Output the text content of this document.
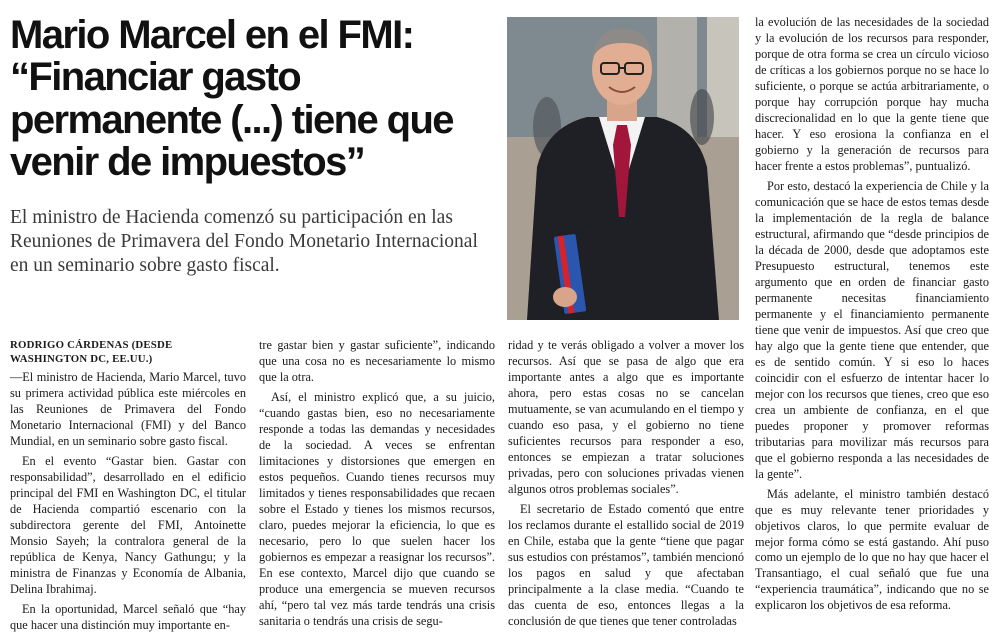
Mario Marcel en el FMI: “Financiar gasto permanente (...) tiene que venir de impuestos”

El ministro de Hacienda comenzó su participación en las Reuniones de Primavera del Fondo Monetario Internacional en un seminario sobre gasto fiscal.

RODRIGO CÁRDENAS (DESDE WASHINGTON DC, EE.UU.)

—El ministro de Hacienda, Mario Marcel, tuvo su primera actividad pública este miércoles en las Reuniones de Primavera del Fondo Monetario Internacional (FMI) y del Banco Mundial, en un seminario sobre gasto fiscal.

En el evento “Gastar bien. Gastar con responsabilidad”, desarrollado en el edificio principal del FMI en Washington DC, el titular de Hacienda compartió escenario con la subdirectora gerente del FMI, Antoinette Monsio Sayeh; la contralora general de la república de Kenya, Nancy Gathungu; y la ministra de Finanzas y Economía de Albania, Delina Ibrahimaj.

En la oportunidad, Marcel señaló que “hay que hacer una distinción muy importante en-

tre gastar bien y gastar suficiente”, indicando que una cosa no es necesariamente lo mismo que la otra.

Así, el ministro explicó que, a su juicio, “cuando gastas bien, eso no necesariamente responde a todas las demandas y necesidades de la sociedad. A veces se enfrentan limitaciones y distorsiones que emergen en estos pequeños. Cuando tienes recursos muy limitados y tienes responsabilidades que recaen sobre el Estado y tienes los mismos recursos, claro, puedes mejorar la eficiencia, lo que es necesario, pero lo que suelen hacer los gobiernos es empezar a reasignar los recursos”. En ese contexto, Marcel dijo que cuando se produce una emergencia se mueven recursos ahí, “pero tal vez más tarde tendrás una crisis sanitaria o tendrás una crisis de segu-

ridad y te verás obligado a volver a mover los recursos. Así que se pasa de algo que era importante antes a algo que es importante ahora, pero estas cosas no se cancelan mutuamente, se van acumulando en el tiempo y cuando eso pasa, y el gobierno no tiene suficientes recursos para responder a eso, entonces se empiezan a tratar soluciones privadas, pero con soluciones privadas vienen algunos otros problemas sociales”.

El secretario de Estado comentó que entre los reclamos durante el estallido social de 2019 en Chile, estaba que la gente “tiene que pagar sus estudios con préstamos”, también mencionó los pagos en salud y que afectaban principalmente a la clase media. “Cuando te das cuenta de eso, entonces llegas a la conclusión de que tienes que tener controladas

la evolución de las necesidades de la sociedad y la evolución de los recursos para responder, porque de otra forma se crea un círculo vicioso de críticas a los gobiernos porque no se hace lo suficiente, o porque se actúa arbitrariamente, o porque hay corrupción porque hay mucha discrecionalidad en lo que la gente tiene que hacer. Y eso erosiona la confianza en el gobierno y la generación de recursos para hacer frente a estos problemas”, puntualizó.

Por esto, destacó la experiencia de Chile y la comunicación que se hace de estos temas desde la implementación de la regla de balance estructural, afirmando que “desde principios de la década de 2000, desde que adoptamos este Presupuesto estructural, tenemos este argumento que en orden de financiar gasto permanente necesitas financiamiento permanente y el financiamiento permanente tiene que venir de impuestos. Así que creo que hay algo que la gente tiene que entender, que es de sentido común. Y si eso lo haces coincidir con el esfuerzo de intentar hacer lo mejor con los recursos que tienes, creo que eso crea un ambiente de confianza, en el que puedes proponer y promover reformas tributarias para movilizar más recursos para que el gobierno responda a las necesidades de la gente”.

Más adelante, el ministro también destacó que es muy relevante tener prioridades y objetivos claros, lo que permite evaluar de mejor forma cómo se está gastando. Ahí puso como un ejemplo de lo que no hay que hacer el Transantiago, el cual señaló que fue una “experiencia traumática”, indicando que no se explicaron los objetivos de esa reforma.
